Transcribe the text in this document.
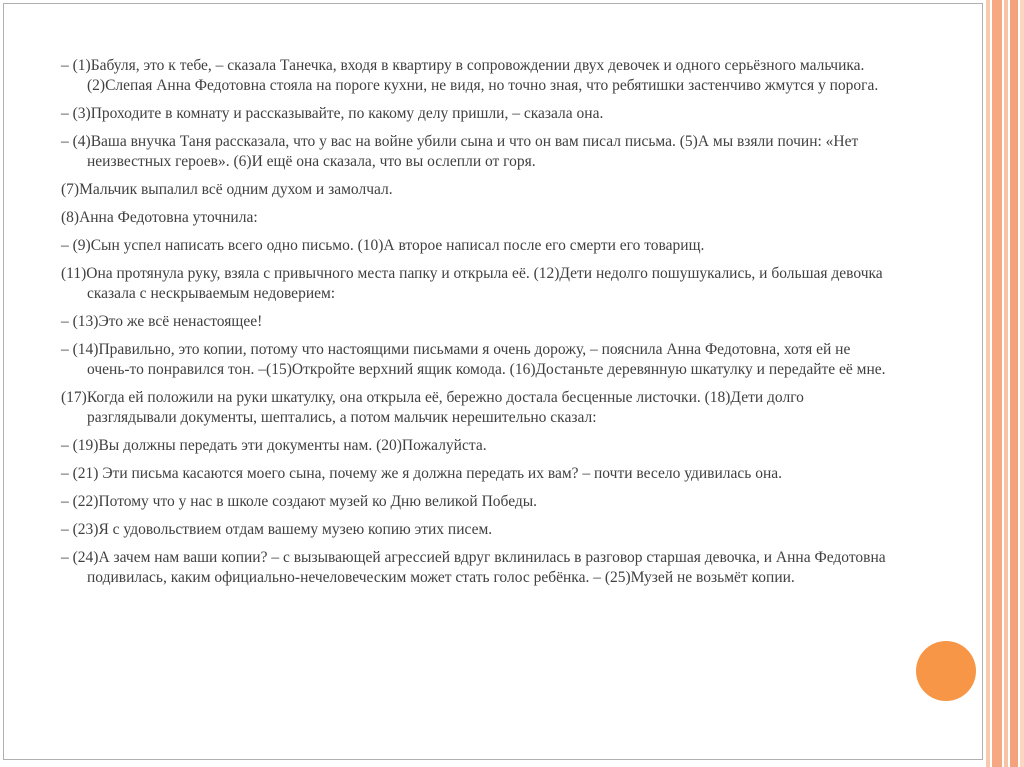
– (1)Бабуля, это к тебе, – сказала Танечка, входя в квартиру в сопровождении двух девочек и одного серьёзного мальчика. (2)Слепая Анна Федотовна стояла на пороге кухни, не видя, но точно зная, что ребятишки застенчиво жмутся у порога.

– (3)Проходите в комнату и рассказывайте, по какому делу пришли, – сказала она.

– (4)Ваша внучка Таня рассказала, что у вас на войне убили сына и что он вам писал письма. (5)А мы взяли почин: «Нет неизвестных героев». (6)И ещё она сказала, что вы ослепли от горя.

(7)Мальчик выпалил всё одним духом и замолчал.

(8)Анна Федотовна уточнила:

– (9)Сын успел написать всего одно письмо. (10)А второе написал после его смерти его товарищ.

(11)Она протянула руку, взяла с привычного места папку и открыла её. (12)Дети недолго пошушукались, и большая девочка сказала с нескрываемым недоверием:

– (13)Это же всё ненастоящее!

– (14)Правильно, это копии, потому что настоящими письмами я очень дорожу, – пояснила Анна Федотовна, хотя ей не очень-то понравился тон. –(15)Откройте верхний ящик комода. (16)Достаньте деревянную шкатулку и передайте её мне.

(17)Когда ей положили на руки шкатулку, она открыла её, бережно достала бесценные листочки. (18)Дети долго разглядывали документы, шептались, а потом мальчик нерешительно сказал:

– (19)Вы должны передать эти документы нам. (20)Пожалуйста.

– (21) Эти письма касаются моего сына, почему же я должна передать их вам? – почти весело удивилась она.

– (22)Потому что у нас в школе создают музей ко Дню великой Победы.

– (23)Я с удовольствием отдам вашему музею копию этих писем.

– (24)А зачем нам ваши копии? – с вызывающей агрессией вдруг вклинилась в разговор старшая девочка, и Анна Федотовна подивилась, каким официально-нечеловеческим может стать голос ребёнка. – (25)Музей не возьмёт копии.
